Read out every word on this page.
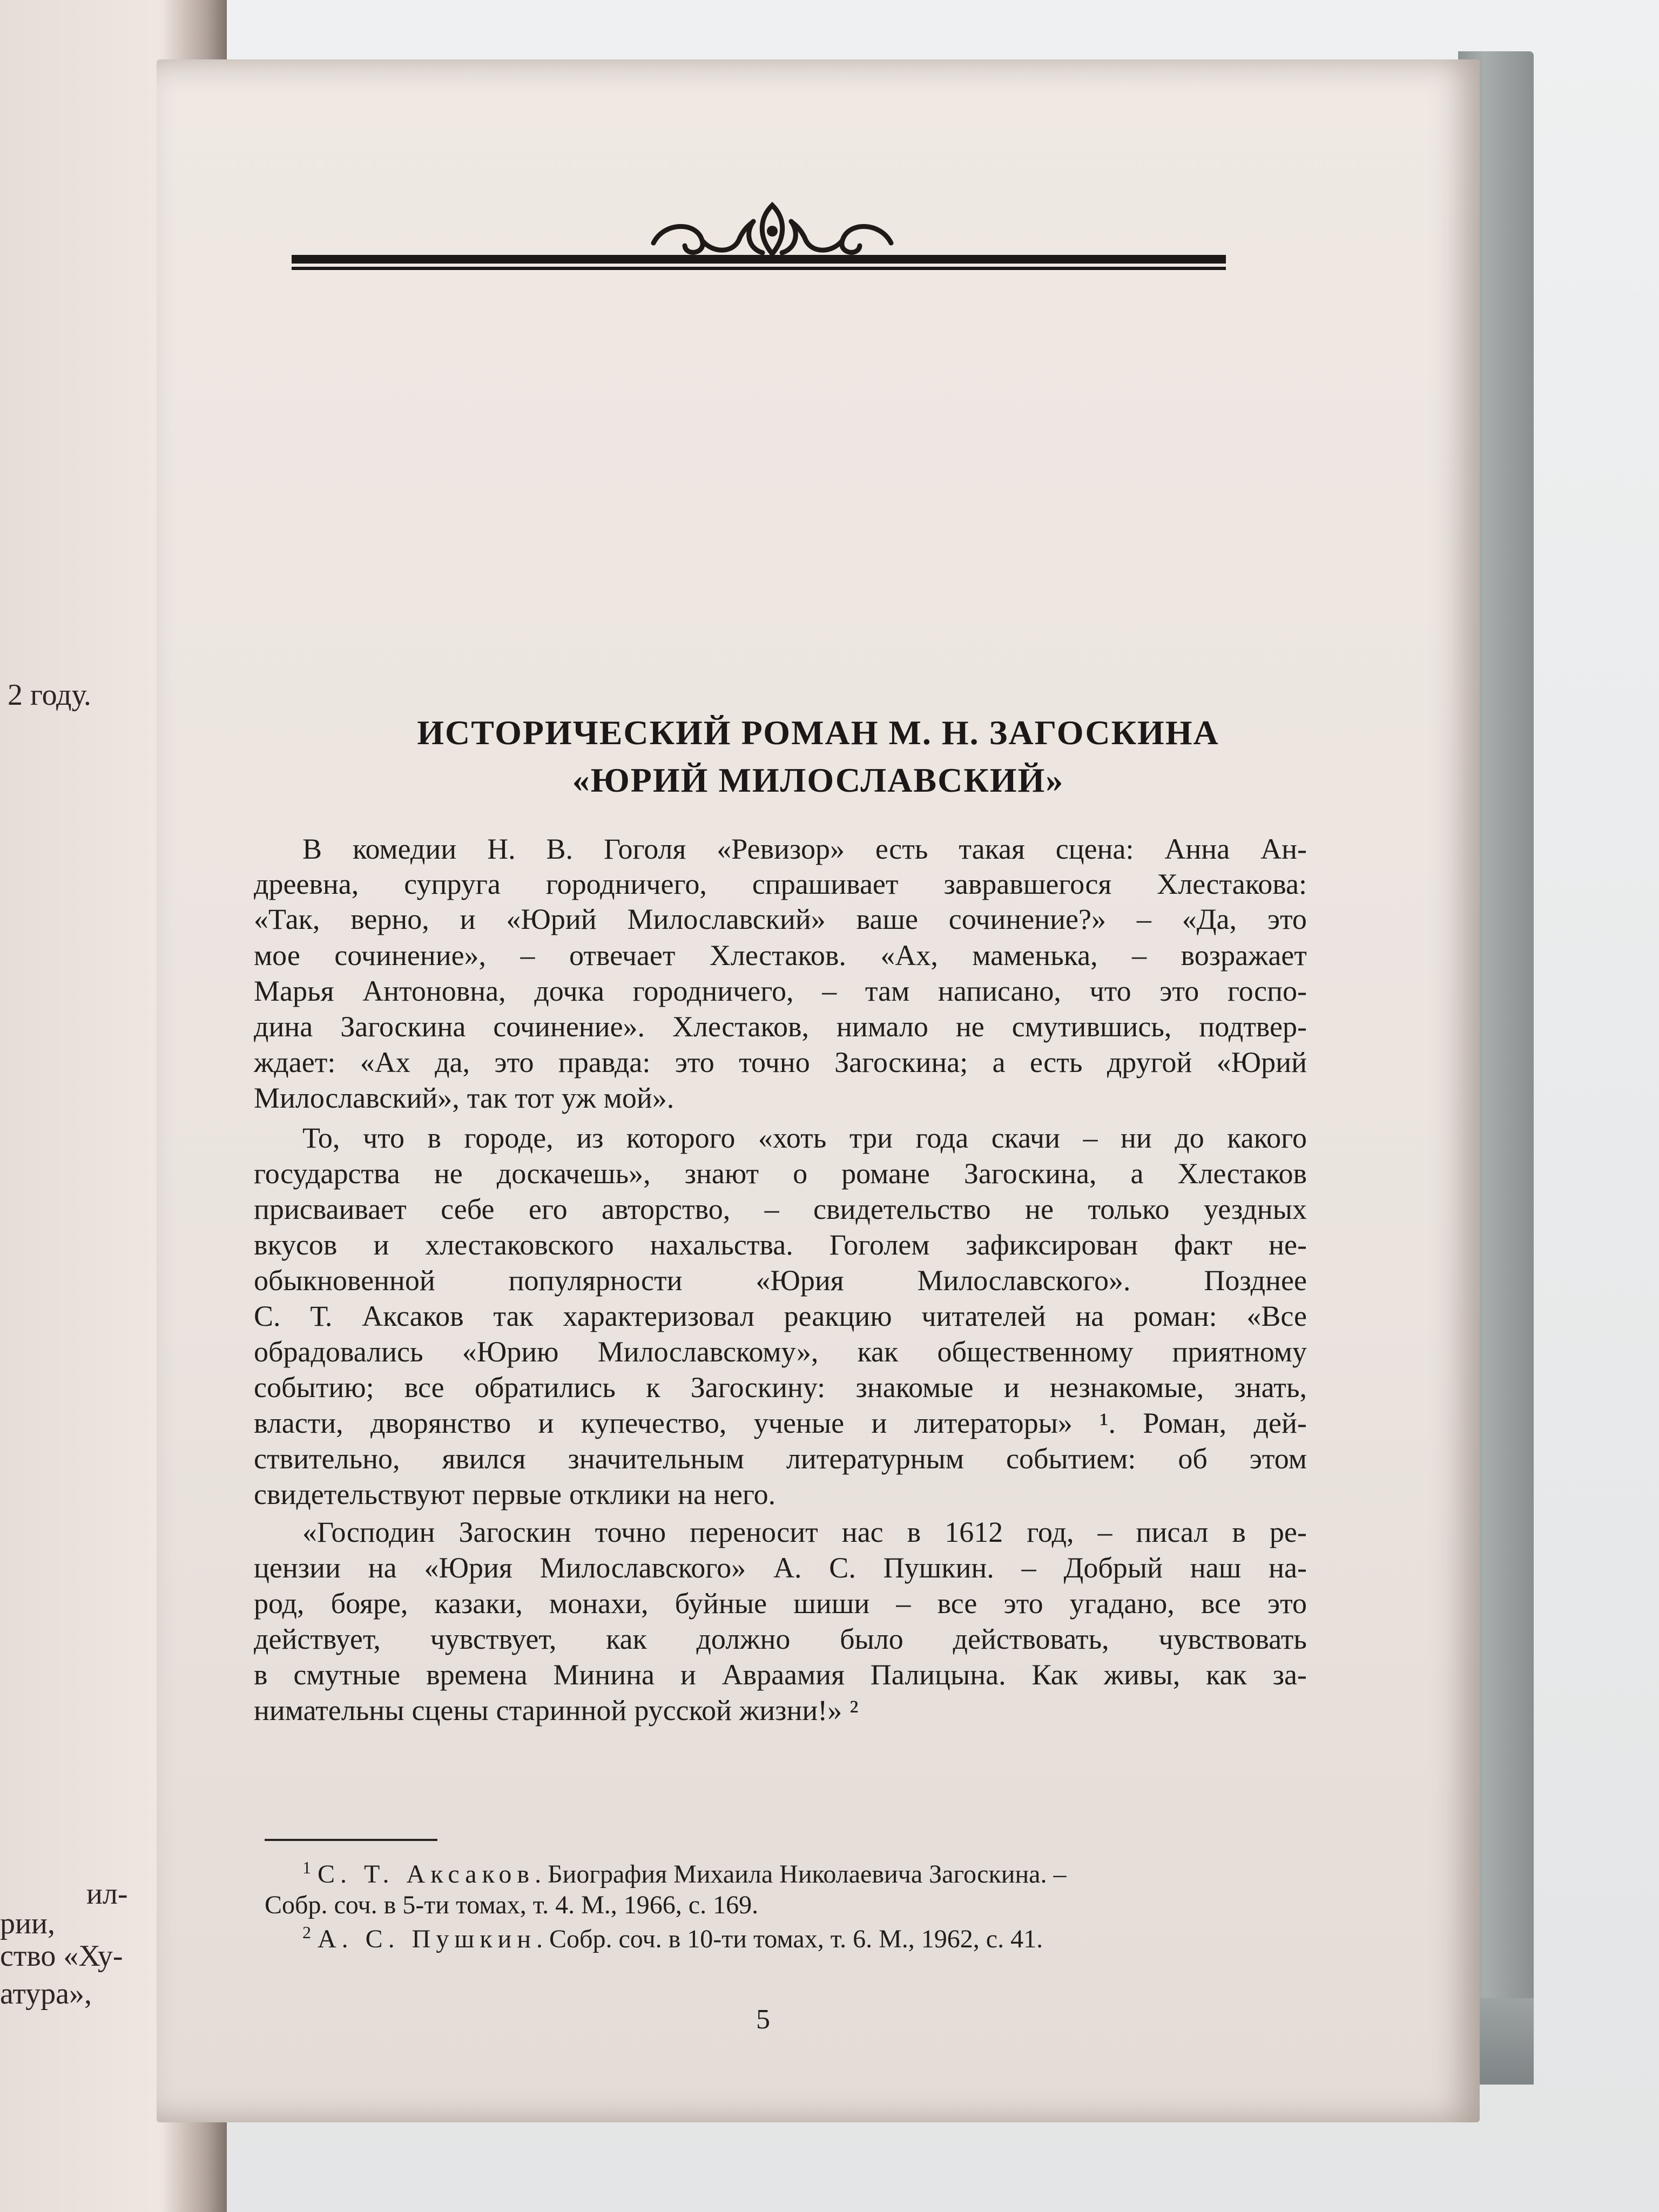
2 году.
рии,
ил-
ство «Ху-
атура»,
ИСТОРИЧЕСКИЙ РОМАН М. Н. ЗАГОСКИНА
«ЮРИЙ МИЛОСЛАВСКИЙ»
В комедии Н. В. Гоголя «Ревизор» есть такая сцена: Анна Ан-
дреевна, супруга городничего, спрашивает завравшегося Хлестакова:
«Так, верно, и «Юрий Милославский» ваше сочинение?» – «Да, это
мое сочинение», – отвечает Хлестаков. «Ах, маменька, – возражает
Марья Антоновна, дочка городничего, – там написано, что это госпо-
дина Загоскина сочинение». Хлестаков, нимало не смутившись, подтвер-
ждает: «Ах да, это правда: это точно Загоскина; а есть другой «Юрий
Милославский», так тот уж мой».
То, что в городе, из которого «хоть три года скачи – ни до какого
государства не доскачешь», знают о романе Загоскина, а Хлестаков
присваивает себе его авторство, – свидетельство не только уездных
вкусов и хлестаковского нахальства. Гоголем зафиксирован факт не-
обыкновенной	популярности	«Юрия	Милославского».	Позднее
С. Т. Аксаков так характеризовал реакцию читателей на роман: «Все
обрадовались «Юрию Милославскому», как общественному приятному
событию; все обратились к Загоскину: знакомые и незнакомые, знать,
власти, дворянство и купечество, ученые и литераторы» ¹. Роман, дей-
ствительно, явился значительным литературным событием: об этом
свидетельствуют первые отклики на него.
«Господин Загоскин точно переносит нас в 1612 год, – писал в ре-
цензии на «Юрия Милославского» А. С. Пушкин. – Добрый наш на-
род, бояре, казаки, монахи, буйные шиши – все это угадано, все это
действует, чувствует, как должно было действовать, чувствовать
в смутные времена Минина и Авраамия Палицына. Как живы, как за-
нимательны сцены старинной русской жизни!» ²
$^1$ С. Т. Аксаков. Биография Михаила Николаевича Загоскина. –
Собр. соч. в 5-ти томах, т. 4. М., 1966, с. 169.
$^2$ А. С. Пушкин. Собр. соч. в 10-ти томах, т. 6. М., 1962, с. 41.
5
